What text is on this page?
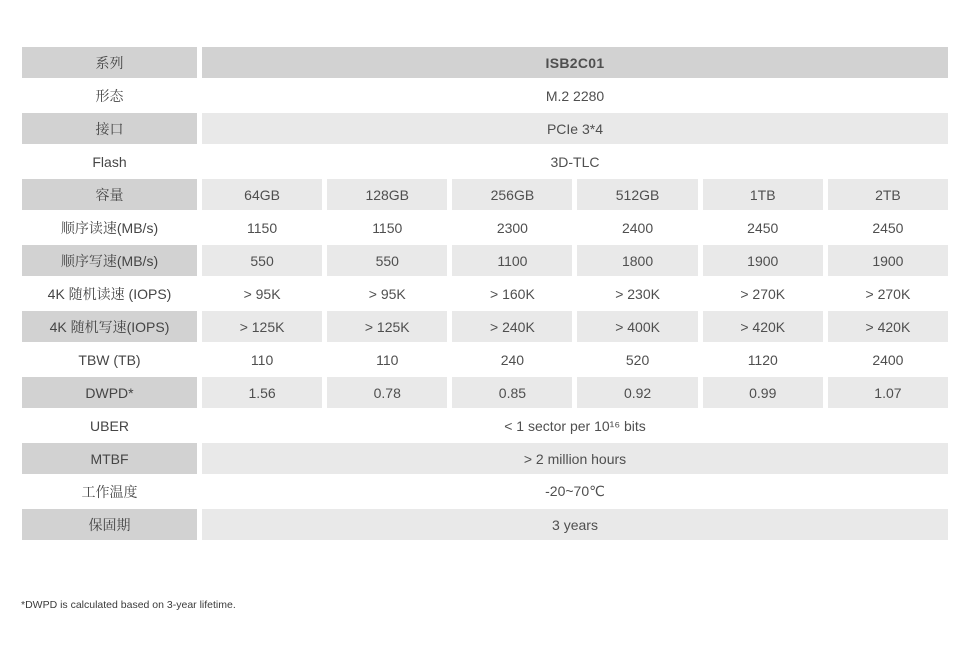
系列	ISB2C01
形态	M.2 2280
接口	PCIe 3*4
Flash	3D-TLC
容量	64GB	128GB	256GB	512GB	1TB	2TB
顺序读速(MB/s)	1150	1150	2300	2400	2450	2450
顺序写速(MB/s)	550	550	1100	1800	1900	1900
4K 随机读速 (IOPS)	> 95K	> 95K	> 160K	> 230K	> 270K	> 270K
4K 随机写速(IOPS)	> 125K	> 125K	> 240K	> 400K	> 420K	> 420K
TBW (TB)	110	110	240	520	1120	2400
DWPD*	1.56	0.78	0.85	0.92	0.99	1.07
UBER	< 1 sector per 10¹⁶ bits
MTBF	> 2 million hours
工作温度	-20~70℃
保固期	3 years
*DWPD is calculated based on 3-year lifetime.
